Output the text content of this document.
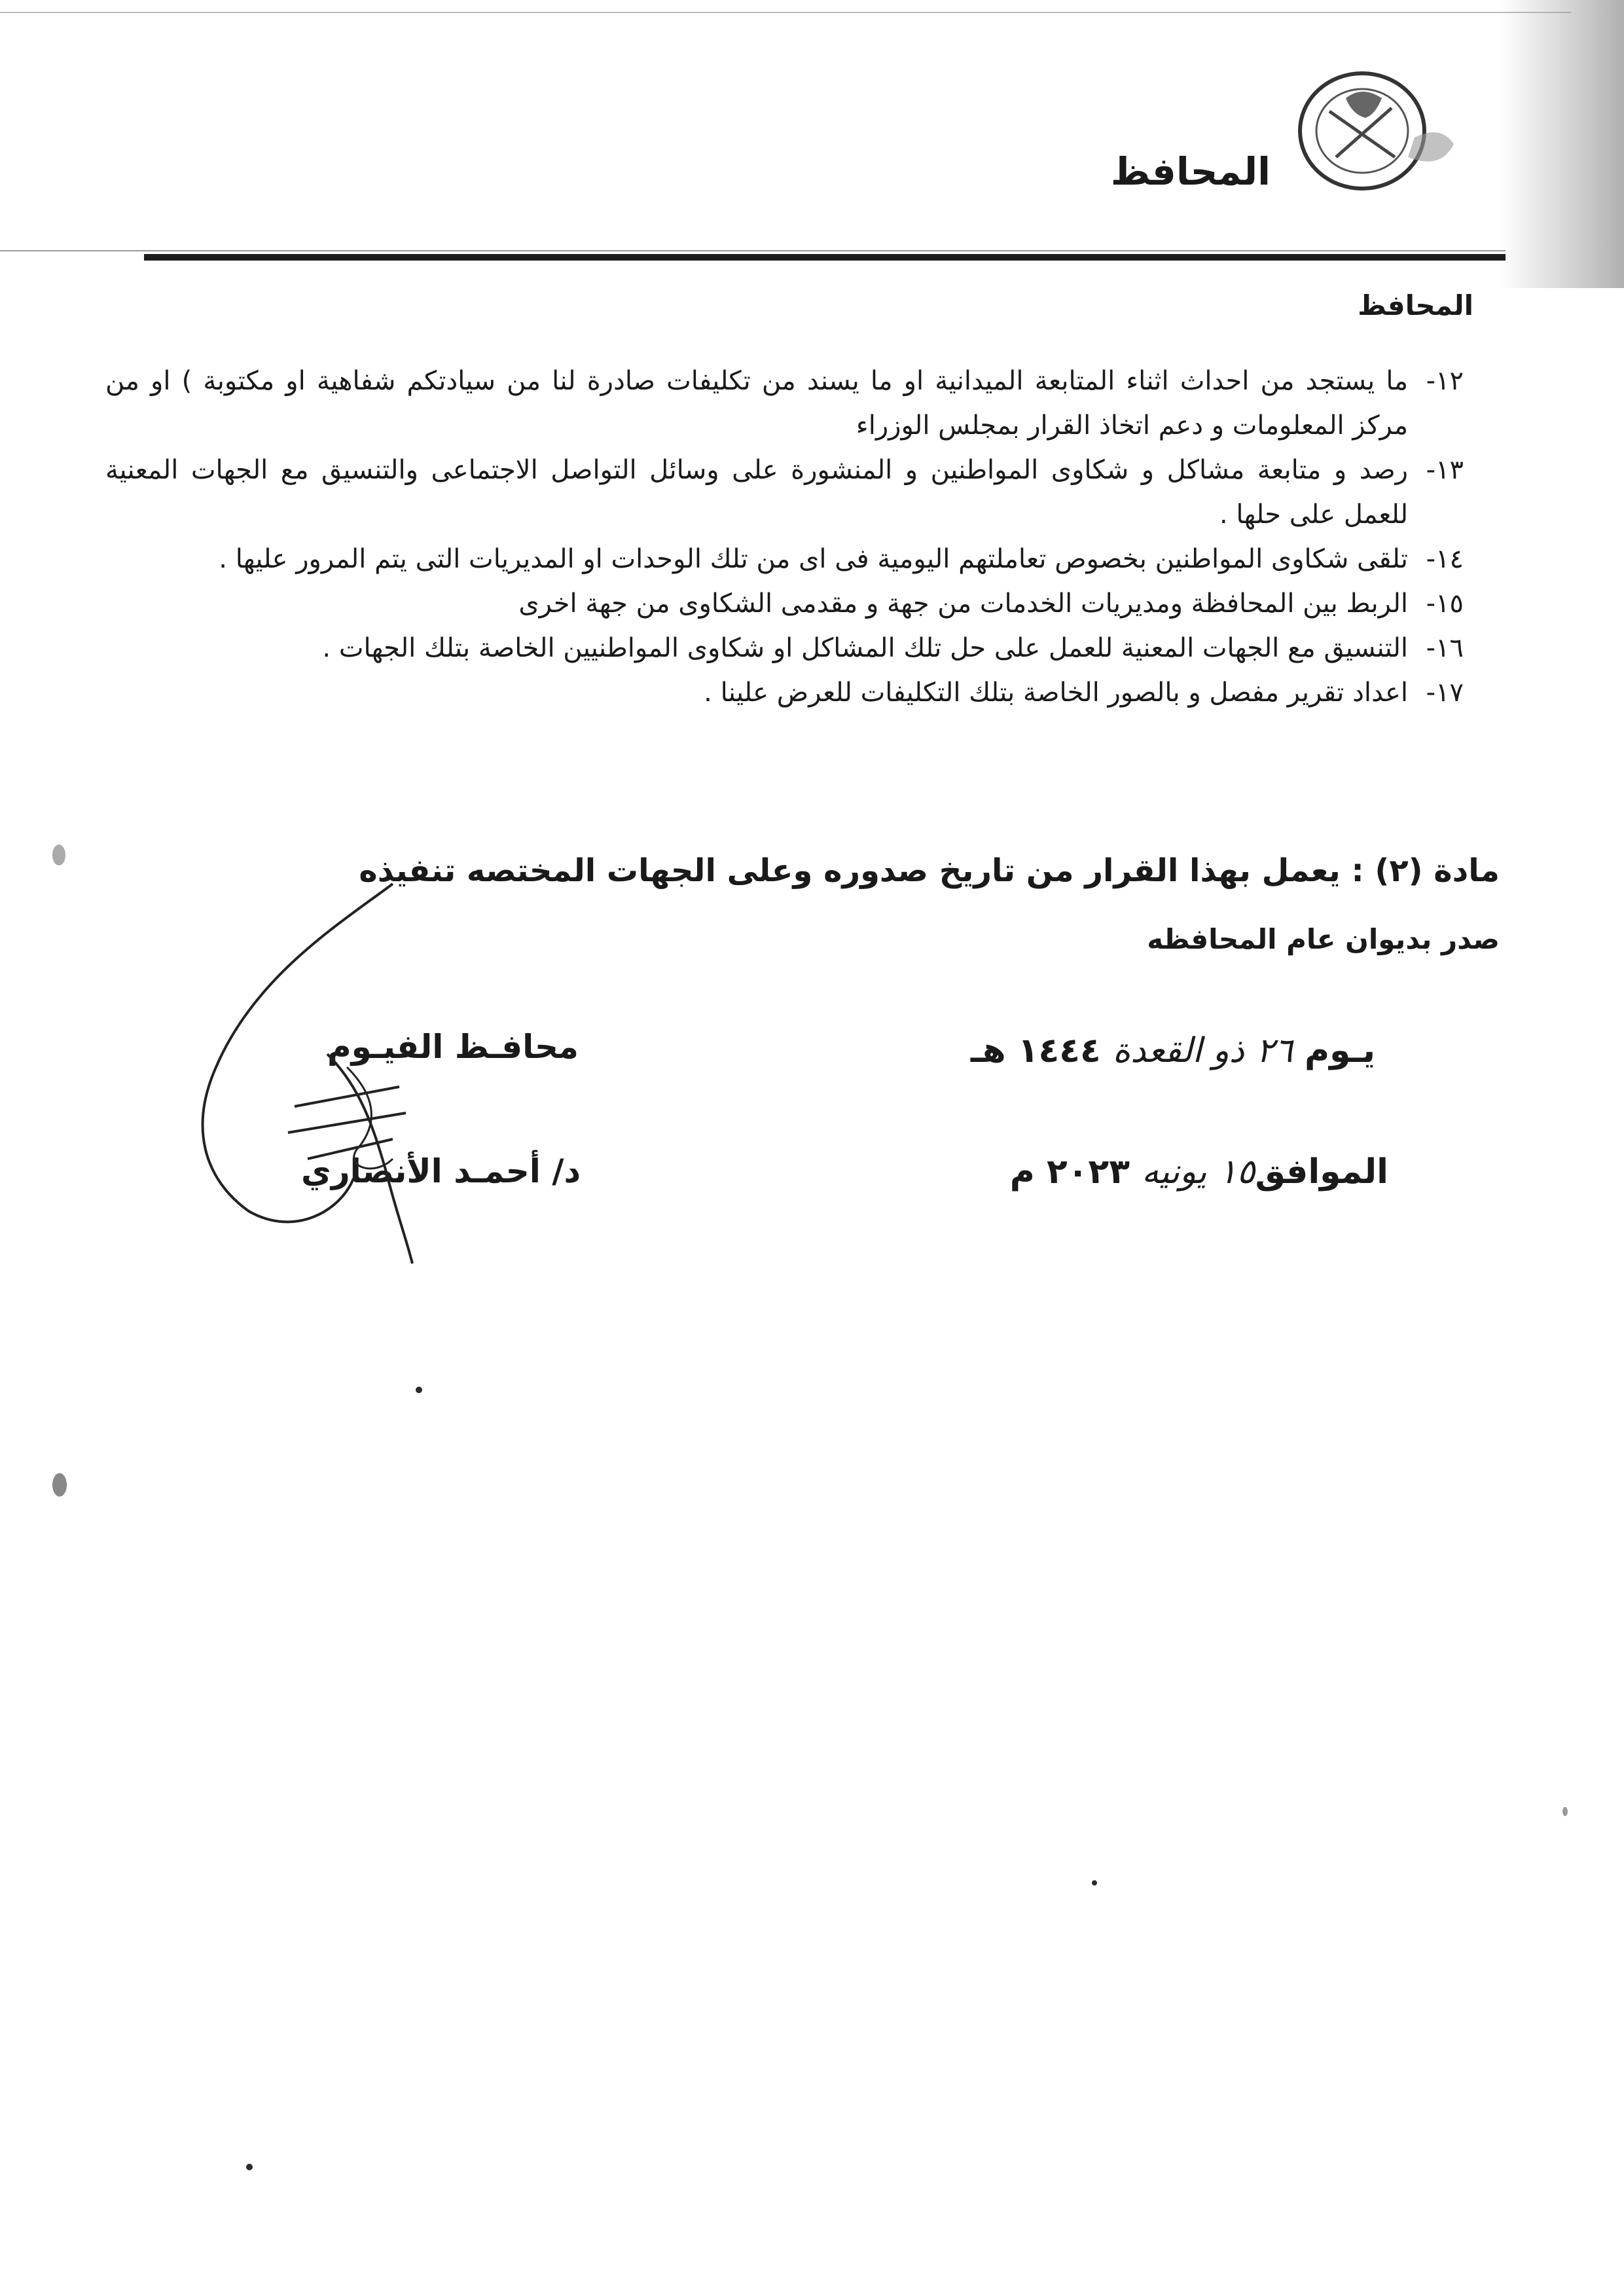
المحافظ
المحافظ
١٢-
ما يستجد من احداث اثناء المتابعة الميدانية او ما يسند من تكليفات صادرة لنا من سيادتكم شفاهية او مكتوبة ) او من مركز المعلومات و دعم اتخاذ القرار بمجلس الوزراء
١٣-
رصد و متابعة مشاكل و شكاوى المواطنين و المنشورة على وسائل التواصل الاجتماعى والتنسيق مع الجهات المعنية للعمل على حلها .
١٤-
تلقى شكاوى المواطنين بخصوص تعاملتهم اليومية فى اى من تلك الوحدات او المديريات التى يتم المرور عليها .
١٥-
الربط بين المحافظة ومديريات الخدمات من جهة و مقدمى الشكاوى من جهة اخرى
١٦-
التنسيق مع الجهات المعنية للعمل على حل تلك المشاكل او شكاوى المواطنيين الخاصة بتلك الجهات .
١٧-
اعداد تقرير مفصل و بالصور الخاصة بتلك التكليفات للعرض علينا .
مادة (٢) : يعمل بهذا القرار من تاريخ صدوره وعلى الجهات المختصه تنفيذه
صدر بديوان عام المحافظه
محافـظ الفيـوم
د/ أحمـد الأنصاري
يـوم ٢٦ ذو القعدة ١٤٤٤ هـ
الموافق١٥ يونيه ٢٠٢٣ م
